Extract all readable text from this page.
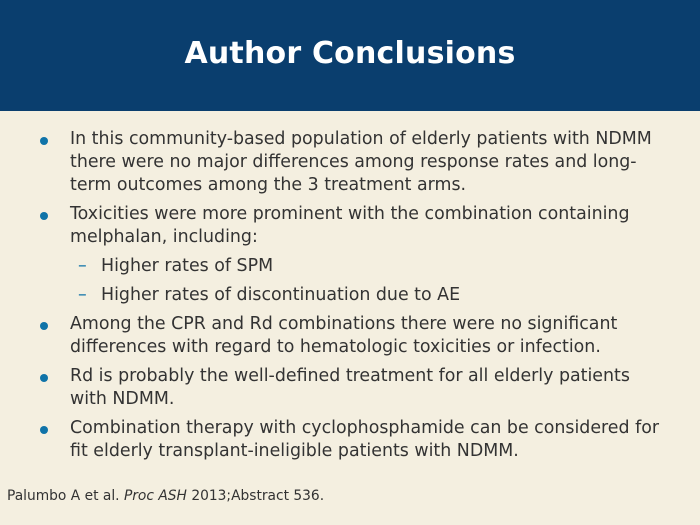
Author Conclusions
In this community-based population of elderly patients with NDMM there were no major differences among response rates and long-term outcomes among the 3 treatment arms.
Toxicities were more prominent with the combination containing melphalan, including:
– Higher rates of SPM
– Higher rates of discontinuation due to AE
Among the CPR and Rd combinations there were no significant differences with regard to hematologic toxicities or infection.
Rd is probably the well-defined treatment for all elderly patients with NDMM.
Combination therapy with cyclophosphamide can be considered for fit elderly transplant-ineligible patients with NDMM.
Palumbo A et al. Proc ASH 2013;Abstract 536.
